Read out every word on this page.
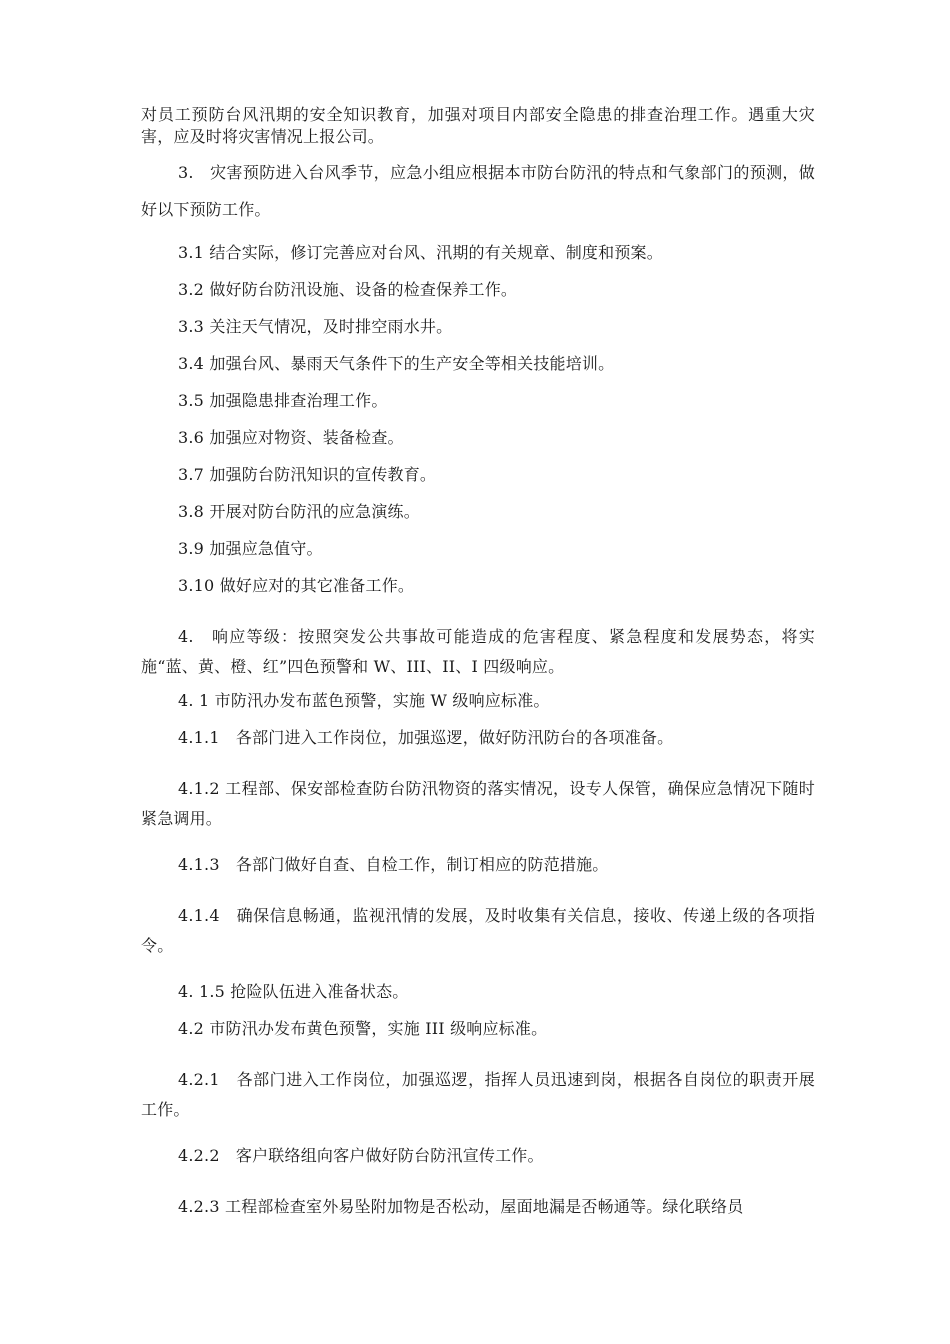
对员工预防台风汛期的安全知识教育，加强对项目内部安全隐患的排查治理工作。遇重大灾害，应及时将灾害情况上报公司。

3.　灾害预防进入台风季节，应急小组应根据本市防台防汛的特点和气象部门的预测，做好以下预防工作。

3.1 结合实际，修订完善应对台风、汛期的有关规章、制度和预案。

3.2 做好防台防汛设施、设备的检查保养工作。

3.3 关注天气情况，及时排空雨水井。

3.4 加强台风、暴雨天气条件下的生产安全等相关技能培训。

3.5 加强隐患排查治理工作。

3.6 加强应对物资、装备检查。

3.7 加强防台防汛知识的宣传教育。

3.8 开展对防台防汛的应急演练。

3.9 加强应急值守。

3.10 做好应对的其它准备工作。

4.　响应等级：按照突发公共事故可能造成的危害程度、紧急程度和发展势态，将实施“蓝、黄、橙、红”四色预警和 W、III、II、I 四级响应。

4. 1 市防汛办发布蓝色预警，实施 W 级响应标准。

4.1.1　各部门进入工作岗位，加强巡逻，做好防汛防台的各项准备。

4.1.2 工程部、保安部检查防台防汛物资的落实情况，设专人保管，确保应急情况下随时紧急调用。

4.1.3　各部门做好自查、自检工作，制订相应的防范措施。

4.1.4　确保信息畅通，监视汛情的发展，及时收集有关信息，接收、传递上级的各项指令。

4. 1.5 抢险队伍进入准备状态。

4.2 市防汛办发布黄色预警，实施 III 级响应标准。

4.2.1　各部门进入工作岗位，加强巡逻，指挥人员迅速到岗，根据各自岗位的职责开展工作。

4.2.2　客户联络组向客户做好防台防汛宣传工作。

4.2.3 工程部检查室外易坠附加物是否松动，屋面地漏是否畅通等。绿化联络员
